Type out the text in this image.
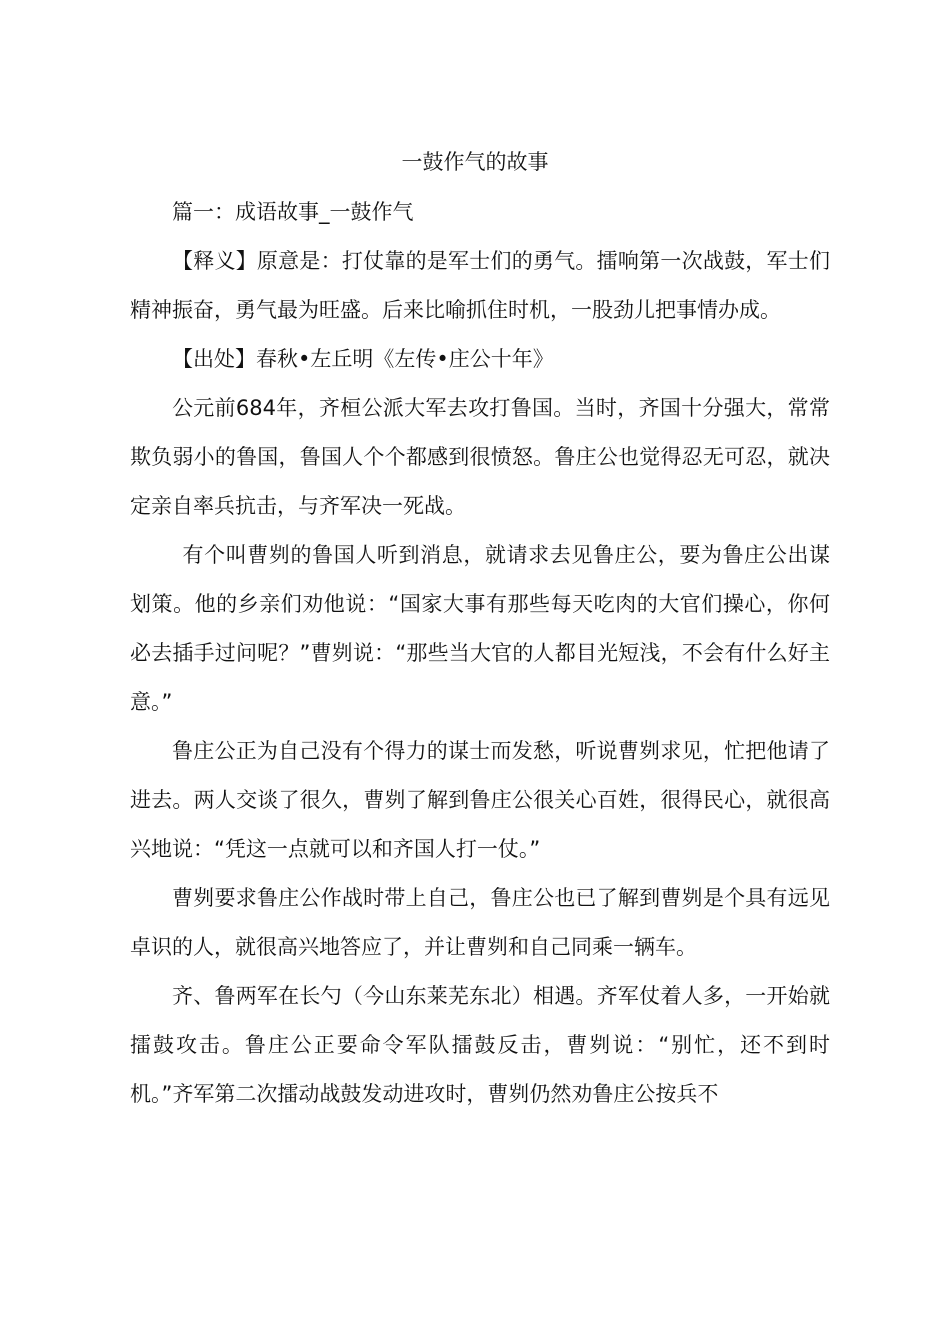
一鼓作气的故事

篇一：成语故事_一鼓作气

【释义】原意是：打仗靠的是军士们的勇气。擂响第一次战鼓，军士们精神振奋，勇气最为旺盛。后来比喻抓住时机，一股劲儿把事情办成。

【出处】春秋•左丘明《左传•庄公十年》

公元前684年，齐桓公派大军去攻打鲁国。当时，齐国十分强大，常常欺负弱小的鲁国，鲁国人个个都感到很愤怒。鲁庄公也觉得忍无可忍，就决定亲自率兵抗击，与齐军决一死战。

有个叫曹刿的鲁国人听到消息，就请求去见鲁庄公，要为鲁庄公出谋划策。他的乡亲们劝他说：“国家大事有那些每天吃肉的大官们操心，你何必去插手过问呢？”曹刿说：“那些当大官的人都目光短浅，不会有什么好主意。”

鲁庄公正为自己没有个得力的谋士而发愁，听说曹刿求见，忙把他请了进去。两人交谈了很久，曹刿了解到鲁庄公很关心百姓，很得民心，就很高兴地说：“凭这一点就可以和齐国人打一仗。”

曹刿要求鲁庄公作战时带上自己，鲁庄公也已了解到曹刿是个具有远见卓识的人，就很高兴地答应了，并让曹刿和自己同乘一辆车。

齐、鲁两军在长勺（今山东莱芜东北）相遇。齐军仗着人多，一开始就擂鼓攻击。鲁庄公正要命令军队擂鼓反击，曹刿说：“别忙，还不到时机。”齐军第二次擂动战鼓发动进攻时，曹刿仍然劝鲁庄公按兵不
